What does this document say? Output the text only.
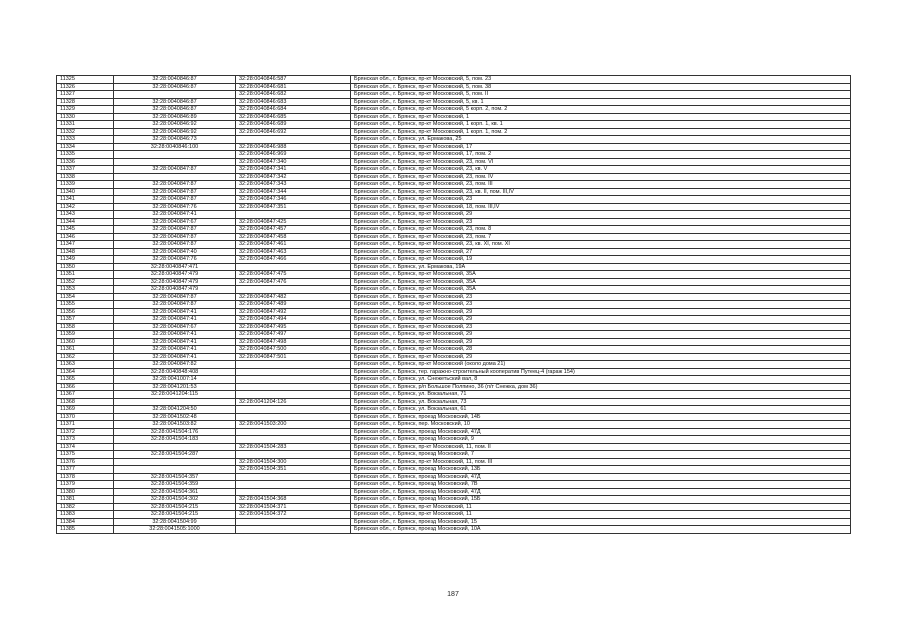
11325	32:28:0040846:87	32:28:0040846:587	Брянская обл., г. Брянск, пр-кт Московский, 5, пом. 23
11326	32:28:0040846:87	32:28:0040846:681	Брянская обл., г. Брянск, пр-кт Московский, 5, пом. 38
11327		32:28:0040846:682	Брянская обл., г. Брянск, пр-кт Московский, 5, пом. II
11328	32:28:0040846:87	32:28:0040846:683	Брянская обл., г. Брянск, пр-кт Московский, 5, кв. 1
11329	32:28:0040846:87	32:28:0040846:684	Брянская обл., г. Брянск, пр-кт Московский, 5 корп. 2, пом. 2
11330	32:28:0040846:89	32:28:0040846:685	Брянская обл., г. Брянск, пр-кт Московский, 1
11331	32:28:0040846:92	32:28:0040846:689	Брянская обл., г. Брянск, пр-кт Московский, 1 корп. 1, кв. 1
11332	32:28:0040846:92	32:28:0040846:692	Брянская обл., г. Брянск, пр-кт Московский, 1 корп. 1, пом. 2
11333	32:28:0040846:73		Брянская обл., г. Брянск, ул. Ермакова, 25
11334	32:28:0040846:100	32:28:0040846:988	Брянская обл., г. Брянск, пр-кт Московский, 17
11335		32:28:0040846:969	Брянская обл., г. Брянск, пр-кт Московский, 17, пом. 2
11336		32:28:0040847:340	Брянская обл., г. Брянск, пр-кт Московский, 23, пом. VI
11337	32:28:0040847:87	32:28:0040847:341	Брянская обл., г. Брянск, пр-кт Московский, 23, кв. V
11338		32:28:0040847:342	Брянская обл., г. Брянск, пр-кт Московский, 23, пом. IV
11339	32:28:0040847:87	32:28:0040847:343	Брянская обл., г. Брянск, пр-кт Московский, 23, пом. III
11340	32:28:0040847:87	32:28:0040847:344	Брянская обл., г. Брянск, пр-кт Московский, 23, кв. II, пом. III,IV
11341	32:28:0040847:87	32:28:0040847:346	Брянская обл., г. Брянск, пр-кт Московский, 23
11342	32:28:0040847:76	32:28:0040847:351	Брянская обл., г. Брянск, пр-кт Московский, 18, пом. III,IV
11343	32:28:0040847:41		Брянская обл., г. Брянск, пр-кт Московский, 29
11344	32:28:0040847:67	32:28:0040847:425	Брянская обл., г. Брянск, пр-кт Московский, 23
11345	32:28:0040847:87	32:28:0040847:457	Брянская обл., г. Брянск, пр-кт Московский, 23, пом. 8
11346	32:28:0040847:87	32:28:0040847:458	Брянская обл., г. Брянск, пр-кт Московский, 23, пом. 7
11347	32:28:0040847:87	32:28:0040847:461	Брянская обл., г. Брянск, пр-кт Московский, 23, кв. XI, пом. XI
11348	32:28:0040847:40	32:28:0040847:463	Брянская обл., г. Брянск, пр-кт Московский, 27
11349	32:28:0040847:76	32:28:0040847:466	Брянская обл., г. Брянск, пр-кт Московский, 19
11350	32:28:0040847:471		Брянская обл., г. Брянск, ул. Ермакова, 19А
11351	32:28:0040847:479	32:28:0040847:475	Брянская обл., г. Брянск, пр-кт Московский, 35А
11352	32:28:0040847:479	32:28:0040847:476	Брянская обл., г. Брянск, пр-кт Московский, 35А
11353	32:28:0040847:479		Брянская обл., г. Брянск, пр-кт Московский, 35А
11354	32:28:0040847:87	32:28:0040847:482	Брянская обл., г. Брянск, пр-кт Московский, 23
11355	32:28:0040847:87	32:28:0040847:489	Брянская обл., г. Брянск, пр-кт Московский, 23
11356	32:28:0040847:41	32:28:0040847:492	Брянская обл., г. Брянск, пр-кт Московский, 29
11357	32:28:0040847:41	32:28:0040847:494	Брянская обл., г. Брянск, пр-кт Московский, 29
11358	32:28:0040847:67	32:28:0040847:495	Брянская обл., г. Брянск, пр-кт Московский, 23
11359	32:28:0040847:41	32:28:0040847:497	Брянская обл., г. Брянск, пр-кт Московский, 29
11360	32:28:0040847:41	32:28:0040847:498	Брянская обл., г. Брянск, пр-кт Московский, 29
11361	32:28:0040847:41	32:28:0040847:500	Брянская обл., г. Брянск, пр-кт Московский, 28
11362	32:28:0040847:41	32:28:0040847:501	Брянская обл., г. Брянск, пр-кт Московский, 29
11363	32:28:0040847:82		Брянская обл., г. Брянск, пр-кт Московский (около дома 21)
11364	32:28:0040848:408		Брянская обл., г. Брянск, тер. гаражно-строительный кооператив Путеец-4 (гараж 154)
11365	32:28:0041007:14		Брянская обл., г. Брянск, ул. Снежетьский вал, 8
11366	32:28:0041201:53		Брянская обл., г. Брянск, р/п Большое Полпино, 36 (п/т Снежка, дом 36)
11367	32:28:0041204:115		Брянская обл., г. Брянск, ул. Вокзальная, 71
11368		32:28:0041204:126	Брянская обл., г. Брянск, ул. Вокзальная, 73
11369	32:28:0041204:50		Брянская обл., г. Брянск, ул. Вокзальная, 61
11370	32:28:0041502:48		Брянская обл., г. Брянск, проезд Московский, 14Б
11371	32:28:0041503:82	32:28:0041503:200	Брянская обл., г. Брянск, пер. Московский, 10
11372	32:28:0041504:176		Брянская обл., г. Брянск, проезд Московский, 47Д
11373	32:28:0041504:183		Брянская обл., г. Брянск, проезд Московский, 9
11374		32:28:0041504:283	Брянская обл., г. Брянск, пр-кт Московский, 11, пом. II
11375	32:28:0041504:287		Брянская обл., г. Брянск, проезд Московский, 7
11376		32:28:0041504:300	Брянская обл., г. Брянск, пр-кт Московский, 11, пом. III
11377		32:28:0041504:351	Брянская обл., г. Брянск, проезд Московский, 13Б
11378	32:28:0041504:357		Брянская обл., г. Брянск, проезд Московский, 47Д
11379	32:28:0041504:359		Брянская обл., г. Брянск, проезд Московский, 7В
11380	32:28:0041504:361		Брянская обл., г. Брянск, проезд Московский, 47Д
11381	32:28:0041504:302	32:28:0041504:368	Брянская обл., г. Брянск, проезд Московский, 15Б
11382	32:28:0041504:215	32:28:0041504:371	Брянская обл., г. Брянск, пр-кт Московский, 11
11383	32:28:0041504:215	32:28:0041504:372	Брянская обл., г. Брянск, пр-кт Московский, 11
11384	32:28:0041504:99		Брянская обл., г. Брянск, проезд Московский, 15
11385	32:28:0041505:1000		Брянская обл., г. Брянск, проезд Московский, 10А
187
